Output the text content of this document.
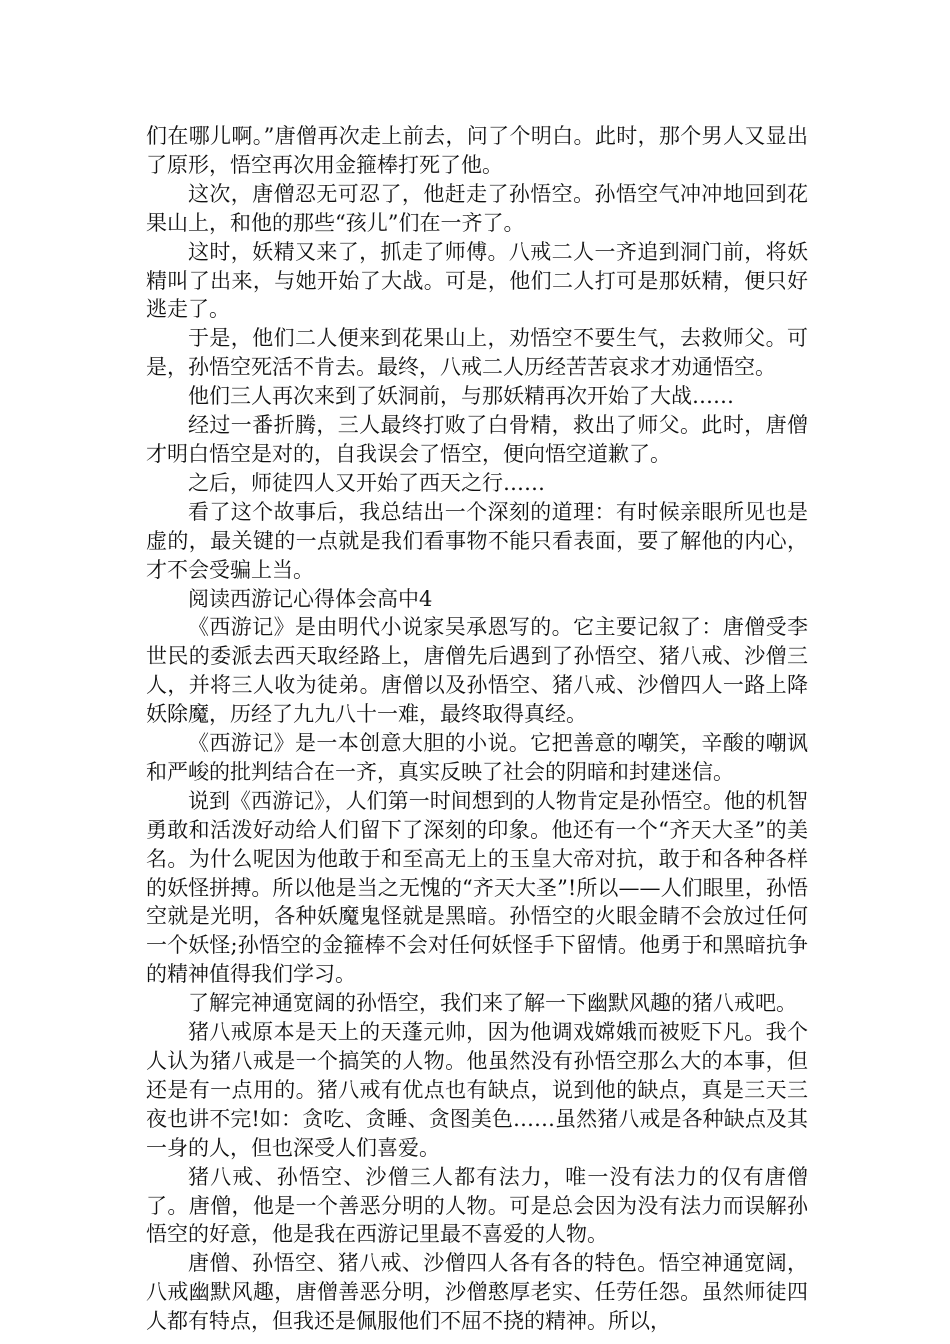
们在哪儿啊。”唐僧再次走上前去，问了个明白。此时，那个男人又显出了原形，悟空再次用金箍棒打死了他。

这次，唐僧忍无可忍了，他赶走了孙悟空。孙悟空气冲冲地回到花果山上，和他的那些“孩儿”们在一齐了。

这时，妖精又来了，抓走了师傅。八戒二人一齐追到洞门前，将妖精叫了出来，与她开始了大战。可是，他们二人打可是那妖精，便只好逃走了。

于是，他们二人便来到花果山上，劝悟空不要生气，去救师父。可是，孙悟空死活不肯去。最终，八戒二人历经苦苦哀求才劝通悟空。

他们三人再次来到了妖洞前，与那妖精再次开始了大战……

经过一番折腾，三人最终打败了白骨精，救出了师父。此时，唐僧才明白悟空是对的，自我误会了悟空，便向悟空道歉了。

之后，师徒四人又开始了西天之行……

看了这个故事后，我总结出一个深刻的道理：有时候亲眼所见也是虚的，最关键的一点就是我们看事物不能只看表面，要了解他的内心，才不会受骗上当。

阅读西游记心得体会高中4

《西游记》是由明代小说家吴承恩写的。它主要记叙了：唐僧受李世民的委派去西天取经路上，唐僧先后遇到了孙悟空、猪八戒、沙僧三人，并将三人收为徒弟。唐僧以及孙悟空、猪八戒、沙僧四人一路上降妖除魔，历经了九九八十一难，最终取得真经。

《西游记》是一本创意大胆的小说。它把善意的嘲笑，辛酸的嘲讽和严峻的批判结合在一齐，真实反映了社会的阴暗和封建迷信。

说到《西游记》，人们第一时间想到的人物肯定是孙悟空。他的机智勇敢和活泼好动给人们留下了深刻的印象。他还有一个“齐天大圣”的美名。为什么呢因为他敢于和至高无上的玉皇大帝对抗，敢于和各种各样的妖怪拼搏。所以他是当之无愧的“齐天大圣”!所以——人们眼里，孙悟空就是光明，各种妖魔鬼怪就是黑暗。孙悟空的火眼金睛不会放过任何一个妖怪;孙悟空的金箍棒不会对任何妖怪手下留情。他勇于和黑暗抗争的精神值得我们学习。

了解完神通宽阔的孙悟空，我们来了解一下幽默风趣的猪八戒吧。

猪八戒原本是天上的天蓬元帅，因为他调戏嫦娥而被贬下凡。我个人认为猪八戒是一个搞笑的人物。他虽然没有孙悟空那么大的本事，但还是有一点用的。猪八戒有优点也有缺点，说到他的缺点，真是三天三夜也讲不完!如：贪吃、贪睡、贪图美色……虽然猪八戒是各种缺点及其一身的人，但也深受人们喜爱。

猪八戒、孙悟空、沙僧三人都有法力，唯一没有法力的仅有唐僧了。唐僧，他是一个善恶分明的人物。可是总会因为没有法力而误解孙悟空的好意，他是我在西游记里最不喜爱的人物。

唐僧、孙悟空、猪八戒、沙僧四人各有各的特色。悟空神通宽阔，八戒幽默风趣，唐僧善恶分明，沙僧憨厚老实、任劳任怨。虽然师徒四人都有特点，但我还是佩服他们不屈不挠的精神。所以，
